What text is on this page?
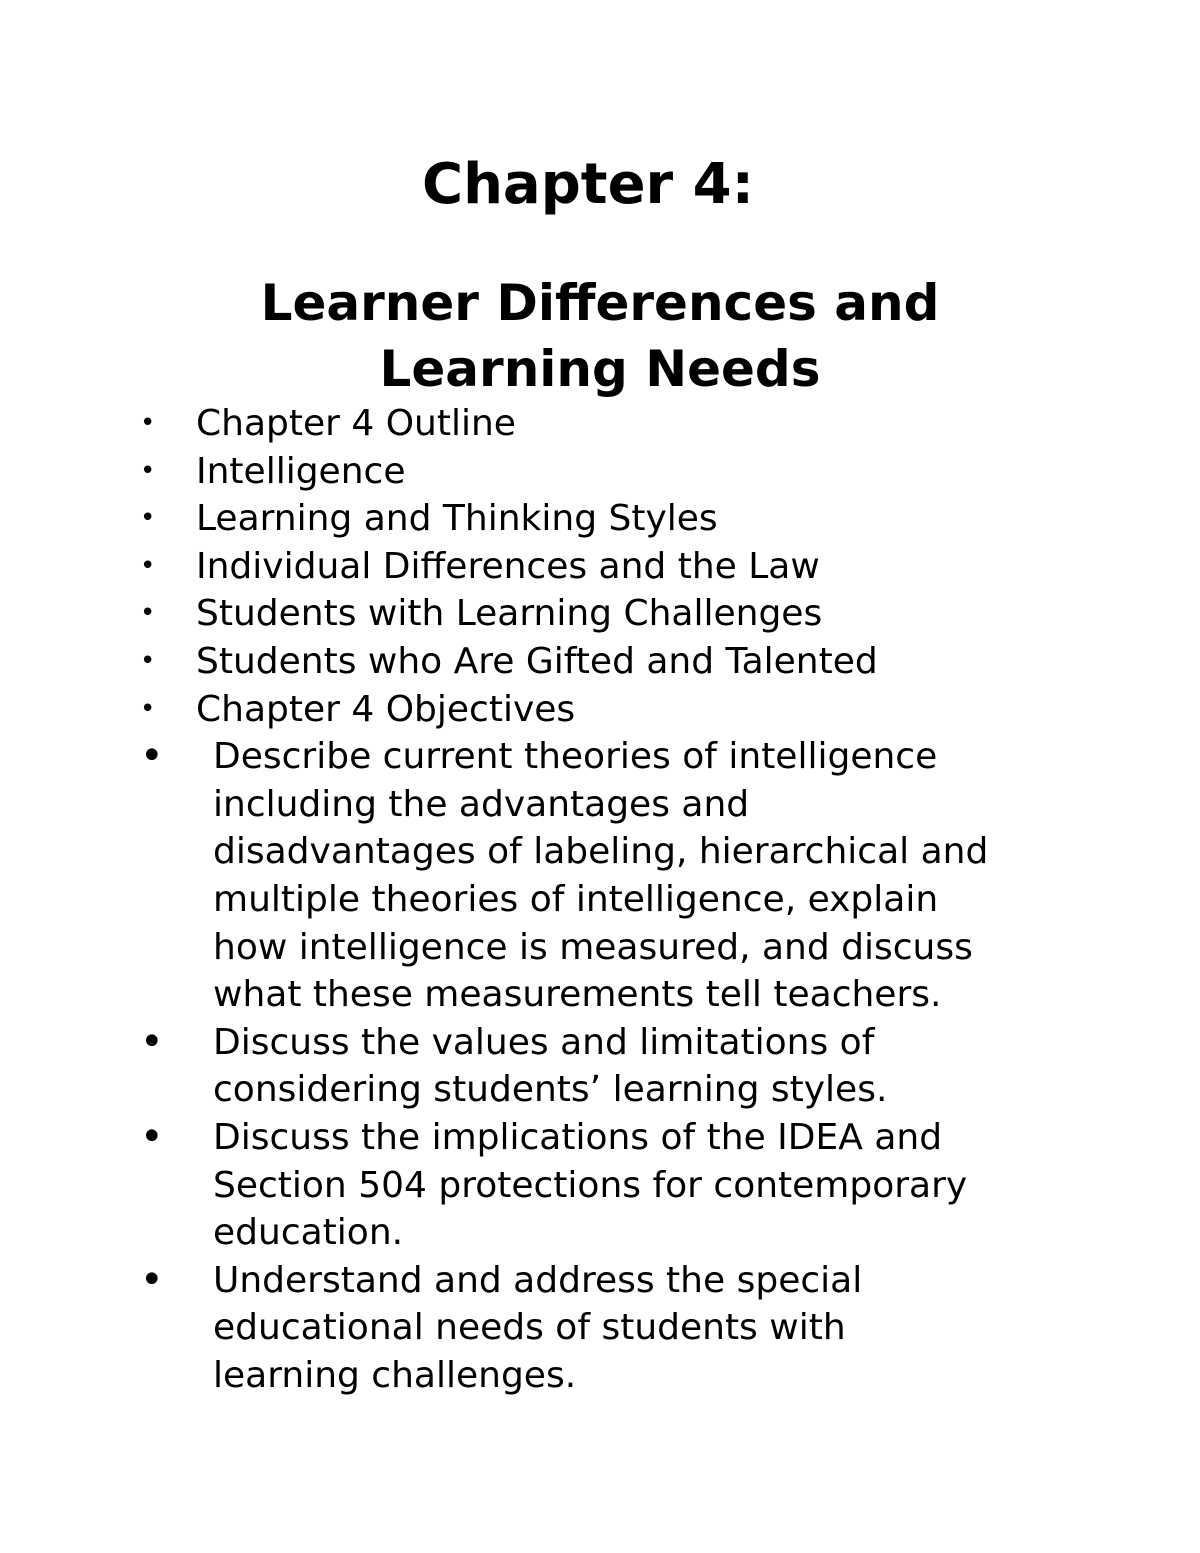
Chapter 4:
Learner Differences and
Learning Needs
•	Chapter 4 Outline
•	Intelligence
•	Learning and Thinking Styles
•	Individual Differences and the Law
•	Students with Learning Challenges
•	Students who Are Gifted and Talented
•	Chapter 4 Objectives
• Describe current theories of intelligence
including the advantages and
disadvantages of labeling, hierarchical and
multiple theories of intelligence, explain
how intelligence is measured, and discuss
what these measurements tell teachers.
• Discuss the values and limitations of
considering students’ learning styles.
• Discuss the implications of the IDEA and
Section 504 protections for contemporary
education.
• Understand and address the special
educational needs of students with
learning challenges.
